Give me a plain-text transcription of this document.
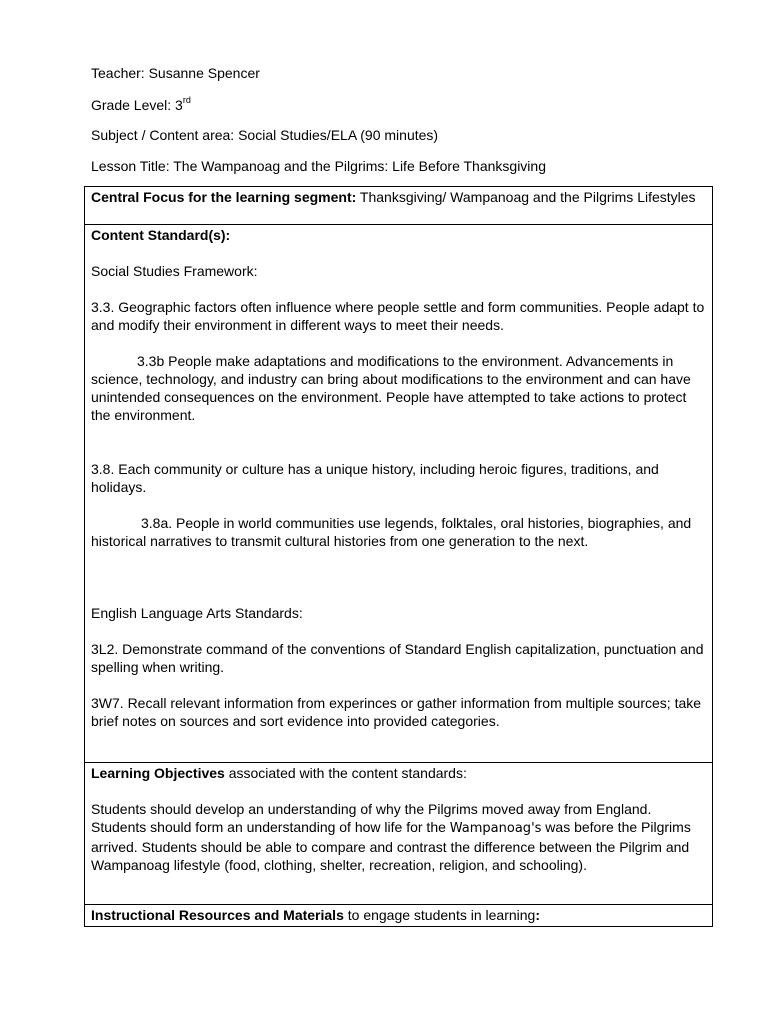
Teacher: Susanne Spencer
Grade Level: 3rd
Subject / Content area: Social Studies/ELA (90 minutes)
Lesson Title: The Wampanoag and the Pilgrims: Life Before Thanksgiving
Central Focus for the learning segment: Thanksgiving/ Wampanoag and the Pilgrims Lifestyles

Content Standard(s):

Social Studies Framework:

3.3. Geographic factors often influence where people settle and form communities. People adapt to and modify their environment in different ways to meet their needs.

3.3b People make adaptations and modifications to the environment. Advancements in science, technology, and industry can bring about modifications to the environment and can have unintended consequences on the environment. People have attempted to take actions to protect the environment.

3.8. Each community or culture has a unique history, including heroic figures, traditions, and holidays.

3.8a. People in world communities use legends, folktales, oral histories, biographies, and historical narratives to transmit cultural histories from one generation to the next.

English Language Arts Standards:

3L2. Demonstrate command of the conventions of Standard English capitalization, punctuation and spelling when writing.

3W7. Recall relevant information from experinces or gather information from multiple sources; take brief notes on sources and sort evidence into provided categories.

Learning Objectives associated with the content standards:

Students should develop an understanding of why the Pilgrims moved away from England. Students should form an understanding of how life for the Wampanoag's was before the Pilgrims arrived. Students should be able to compare and contrast the difference between the Pilgrim and Wampanoag lifestyle (food, clothing, shelter, recreation, religion, and schooling).

Instructional Resources and Materials to engage students in learning:
